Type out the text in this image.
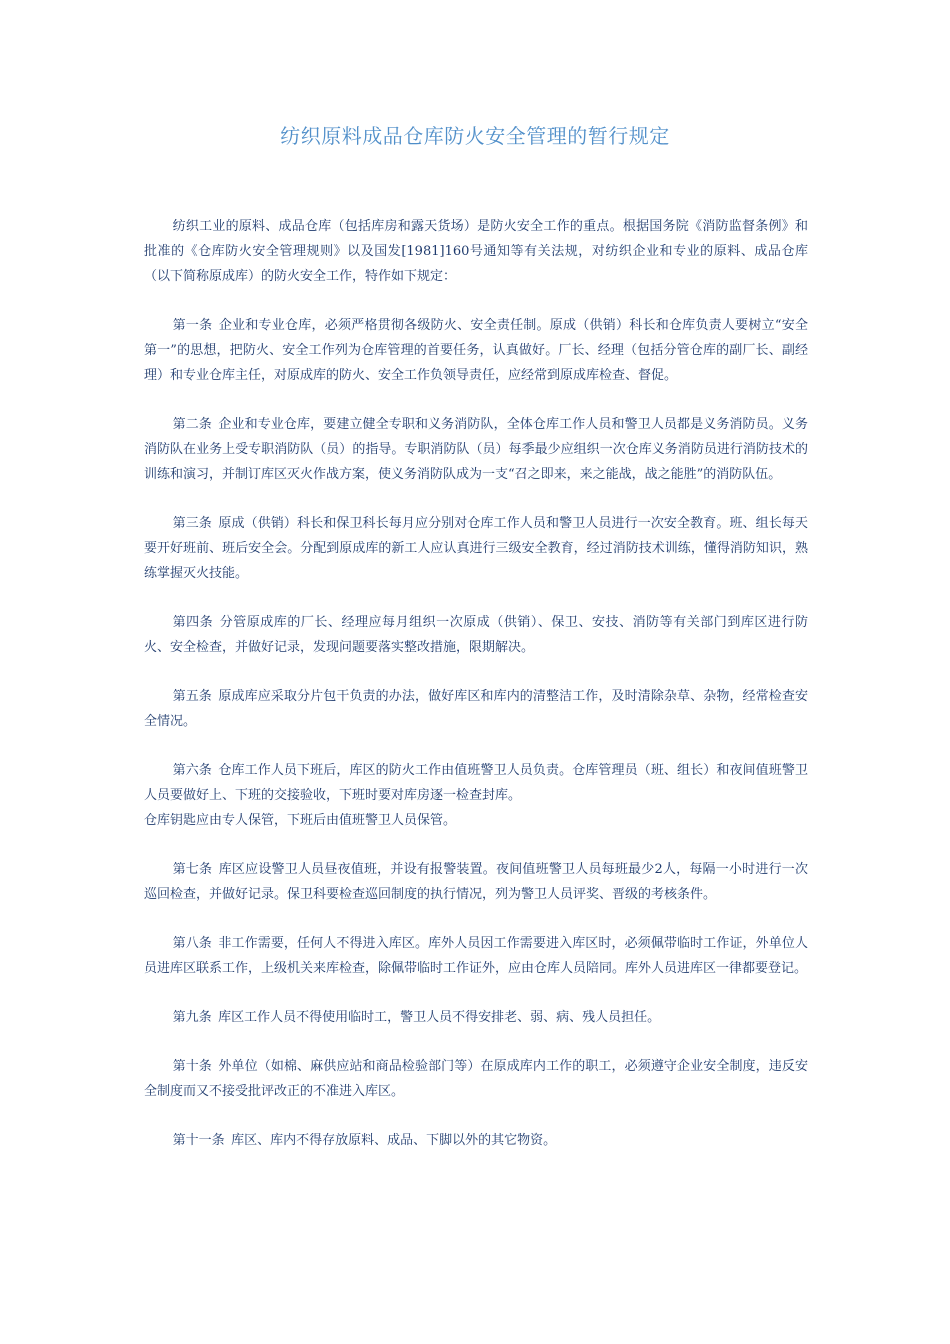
纺织原料成品仓库防火安全管理的暂行规定

纺织工业的原料、成品仓库（包括库房和露天货场）是防火安全工作的重点。根据国务院《消防监督条例》和批准的《仓库防火安全管理规则》以及国发[1981]160号通知等有关法规，对纺织企业和专业的原料、成品仓库（以下简称原成库）的防火安全工作，特作如下规定：

第一条 企业和专业仓库，必须严格贯彻各级防火、安全责任制。原成（供销）科长和仓库负责人要树立“安全第一”的思想，把防火、安全工作列为仓库管理的首要任务，认真做好。厂长、经理（包括分管仓库的副厂长、副经理）和专业仓库主任，对原成库的防火、安全工作负领导责任，应经常到原成库检查、督促。

第二条 企业和专业仓库，要建立健全专职和义务消防队，全体仓库工作人员和警卫人员都是义务消防员。义务消防队在业务上受专职消防队（员）的指导。专职消防队（员）每季最少应组织一次仓库义务消防员进行消防技术的训练和演习，并制订库区灭火作战方案，使义务消防队成为一支“召之即来，来之能战，战之能胜”的消防队伍。

第三条 原成（供销）科长和保卫科长每月应分别对仓库工作人员和警卫人员进行一次安全教育。班、组长每天要开好班前、班后安全会。分配到原成库的新工人应认真进行三级安全教育，经过消防技术训练，懂得消防知识，熟练掌握灭火技能。

第四条 分管原成库的厂长、经理应每月组织一次原成（供销）、保卫、安技、消防等有关部门到库区进行防火、安全检查，并做好记录，发现问题要落实整改措施，限期解决。

第五条 原成库应采取分片包干负责的办法，做好库区和库内的清整洁工作，及时清除杂草、杂物，经常检查安全情况。

第六条 仓库工作人员下班后，库区的防火工作由值班警卫人员负责。仓库管理员（班、组长）和夜间值班警卫人员要做好上、下班的交接验收，下班时要对库房逐一检查封库。
仓库钥匙应由专人保管，下班后由值班警卫人员保管。

第七条 库区应设警卫人员昼夜值班，并设有报警装置。夜间值班警卫人员每班最少2人，每隔一小时进行一次巡回检查，并做好记录。保卫科要检查巡回制度的执行情况，列为警卫人员评奖、晋级的考核条件。

第八条 非工作需要，任何人不得进入库区。库外人员因工作需要进入库区时，必须佩带临时工作证，外单位人员进库区联系工作，上级机关来库检查，除佩带临时工作证外，应由仓库人员陪同。库外人员进库区一律都要登记。

第九条 库区工作人员不得使用临时工，警卫人员不得安排老、弱、病、残人员担任。

第十条 外单位（如棉、麻供应站和商品检验部门等）在原成库内工作的职工，必须遵守企业安全制度，违反安全制度而又不接受批评改正的不准进入库区。

第十一条 库区、库内不得存放原料、成品、下脚以外的其它物资。
